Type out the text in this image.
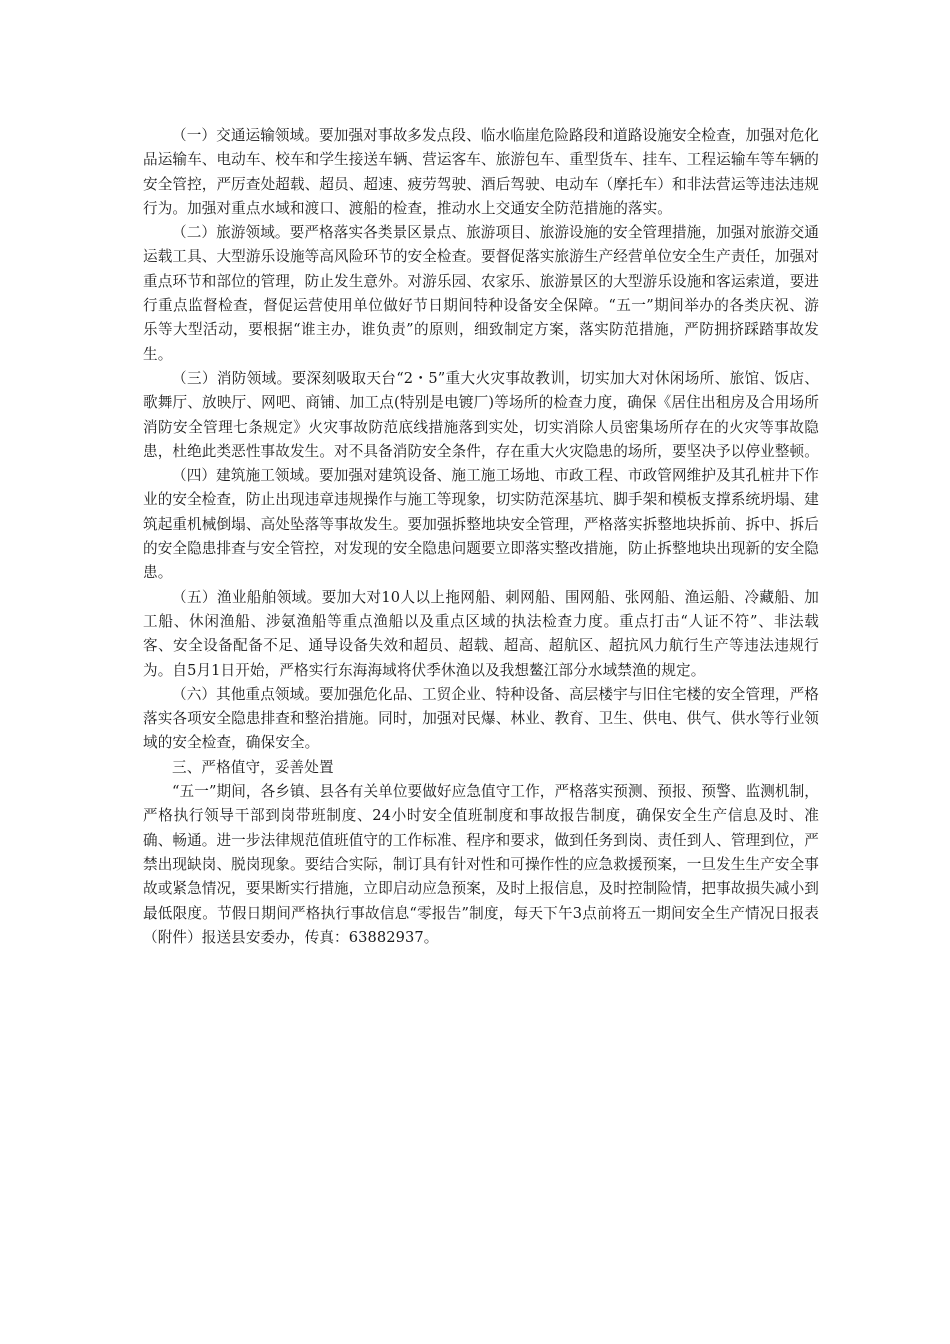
（一）交通运输领域。要加强对事故多发点段、临水临崖危险路段和道路设施安全检查，加强对危化品运输车、电动车、校车和学生接送车辆、营运客车、旅游包车、重型货车、挂车、工程运输车等车辆的安全管控，严厉查处超载、超员、超速、疲劳驾驶、酒后驾驶、电动车（摩托车）和非法营运等违法违规行为。加强对重点水域和渡口、渡船的检查，推动水上交通安全防范措施的落实。

（二）旅游领域。要严格落实各类景区景点、旅游项目、旅游设施的安全管理措施，加强对旅游交通运载工具、大型游乐设施等高风险环节的安全检查。要督促落实旅游生产经营单位安全生产责任，加强对重点环节和部位的管理，防止发生意外。对游乐园、农家乐、旅游景区的大型游乐设施和客运索道，要进行重点监督检查，督促运营使用单位做好节日期间特种设备安全保障。“五一”期间举办的各类庆祝、游乐等大型活动，要根据“谁主办，谁负责”的原则，细致制定方案，落实防范措施，严防拥挤踩踏事故发生。

（三）消防领域。要深刻吸取天台“2・5”重大火灾事故教训，切实加大对休闲场所、旅馆、饭店、歌舞厅、放映厅、网吧、商铺、加工点(特别是电镀厂)等场所的检查力度，确保《居住出租房及合用场所消防安全管理七条规定》火灾事故防范底线措施落到实处，切实消除人员密集场所存在的火灾等事故隐患，杜绝此类恶性事故发生。对不具备消防安全条件，存在重大火灾隐患的场所，要坚决予以停业整顿。

（四）建筑施工领域。要加强对建筑设备、施工施工场地、市政工程、市政管网维护及其孔桩井下作业的安全检查，防止出现违章违规操作与施工等现象，切实防范深基坑、脚手架和模板支撑系统坍塌、建筑起重机械倒塌、高处坠落等事故发生。要加强拆整地块安全管理，严格落实拆整地块拆前、拆中、拆后的安全隐患排查与安全管控，对发现的安全隐患问题要立即落实整改措施，防止拆整地块出现新的安全隐患。

（五）渔业船舶领域。要加大对10人以上拖网船、刺网船、围网船、张网船、渔运船、冷藏船、加工船、休闲渔船、涉氨渔船等重点渔船以及重点区域的执法检查力度。重点打击“人证不符”、非法载客、安全设备配备不足、通导设备失效和超员、超载、超高、超航区、超抗风力航行生产等违法违规行为。自5月1日开始，严格实行东海海域将伏季休渔以及我想鳌江部分水域禁渔的规定。

（六）其他重点领域。要加强危化品、工贸企业、特种设备、高层楼宇与旧住宅楼的安全管理，严格落实各项安全隐患排查和整治措施。同时，加强对民爆、林业、教育、卫生、供电、供气、供水等行业领域的安全检查，确保安全。

三、严格值守，妥善处置

“五一”期间，各乡镇、县各有关单位要做好应急值守工作，严格落实预测、预报、预警、监测机制，严格执行领导干部到岗带班制度、24小时安全值班制度和事故报告制度，确保安全生产信息及时、准确、畅通。进一步法律规范值班值守的工作标准、程序和要求，做到任务到岗、责任到人、管理到位，严禁出现缺岗、脱岗现象。要结合实际，制订具有针对性和可操作性的应急救援预案，一旦发生生产安全事故或紧急情况，要果断实行措施，立即启动应急预案，及时上报信息，及时控制险情，把事故损失减小到最低限度。节假日期间严格执行事故信息“零报告”制度，每天下午3点前将五一期间安全生产情况日报表（附件）报送县安委办，传真：63882937。
